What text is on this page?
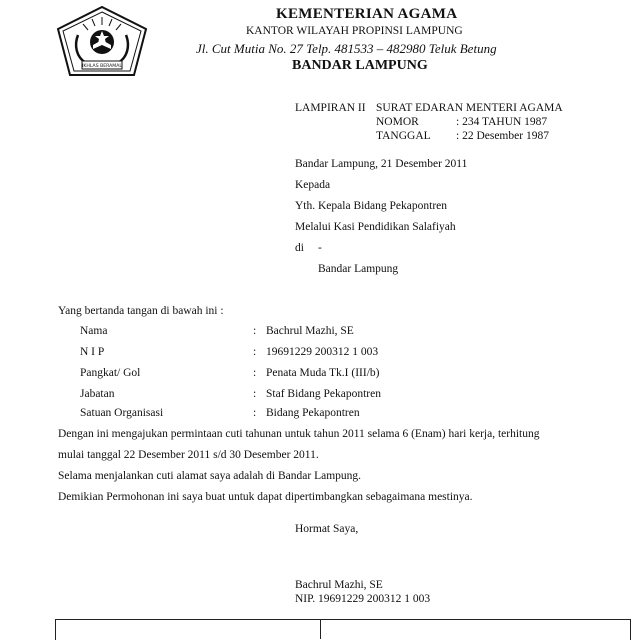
IKHLAS BERAMAL
KEMENTERIAN AGAMA
KANTOR WILAYAH PROPINSI LAMPUNG
Jl. Cut Mutia No. 27 Telp. 481533 – 482980 Teluk Betung
BANDAR LAMPUNG
LAMPIRAN II SURAT EDARAN MENTERI AGAMA
NOMOR	: 234 TAHUN 1987
TANGGAL : 22 Desember 1987
Bandar Lampung, 21 Desember 2011
Kepada
Yth. Kepala Bidang Pekapontren
Melalui Kasi Pendidikan Salafiyah
di -
Bandar Lampung
Yang bertanda tangan di bawah ini :
Nama	: Bachrul Mazhi, SE
N I P	: 19691229 200312 1 003
Pangkat/ Gol	: Penata Muda Tk.I (III/b)
Jabatan	: Staf Bidang Pekapontren
Satuan Organisasi	: Bidang Pekapontren
Dengan ini mengajukan permintaan cuti tahunan untuk tahun 2011 selama 6 (Enam) hari kerja, terhitung
mulai tanggal 22 Desember 2011 s/d 30 Desember 2011.
Selama menjalankan cuti alamat saya adalah di Bandar Lampung.
Demikian Permohonan ini saya buat untuk dapat dipertimbangkan sebagaimana mestinya.
Hormat Saya,
Bachrul Mazhi, SE
NIP. 19691229 200312 1 003
